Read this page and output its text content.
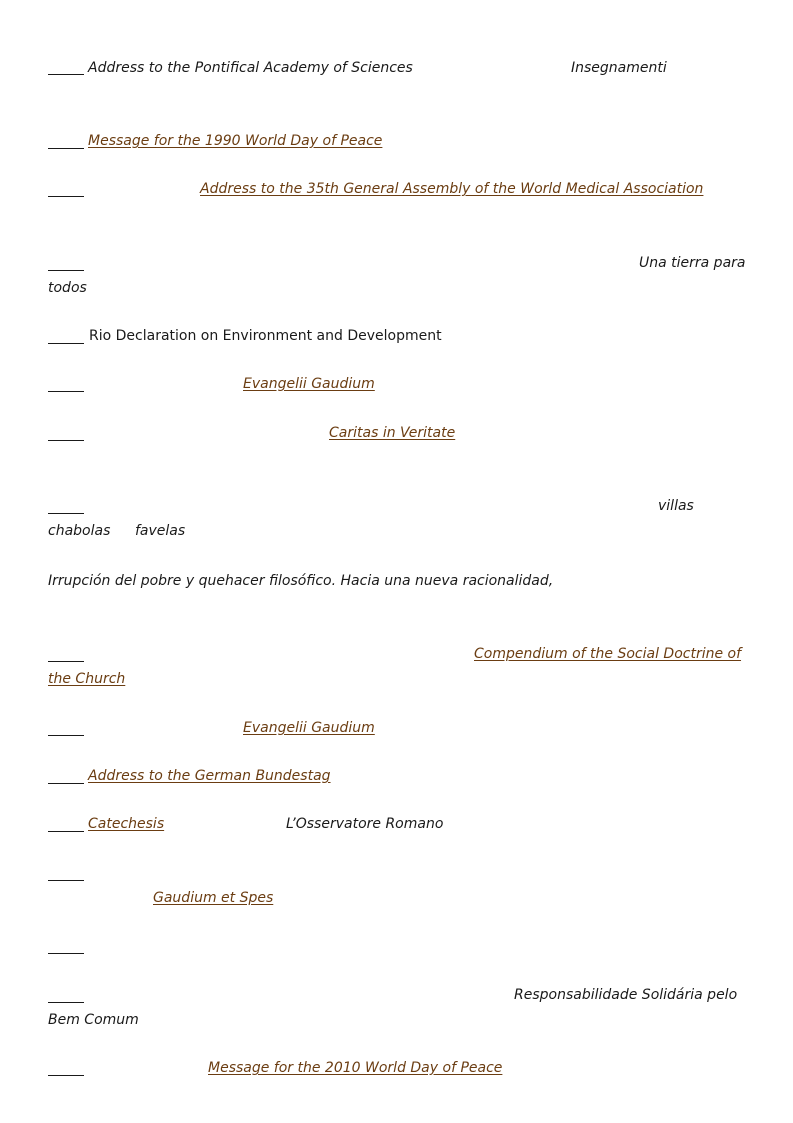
Address to the Pontifical Academy of Sciences	Insegnamenti
Message for the 1990 World Day of Peace
Address to the 35th General Assembly of the World Medical Association
Una tierra para
todos
Rio Declaration on Environment and Development
Evangelii Gaudium
Caritas in Veritate
villas
chabolas favelas
Irrupción del pobre y quehacer filosófico. Hacia una nueva racionalidad,
Compendium of the Social Doctrine of
the Church
Evangelii Gaudium
Address to the German Bundestag
Catechesis	L’Osservatore Romano
Gaudium et Spes
Responsabilidade Solidária pelo
Bem Comum
Message for the 2010 World Day of Peace
